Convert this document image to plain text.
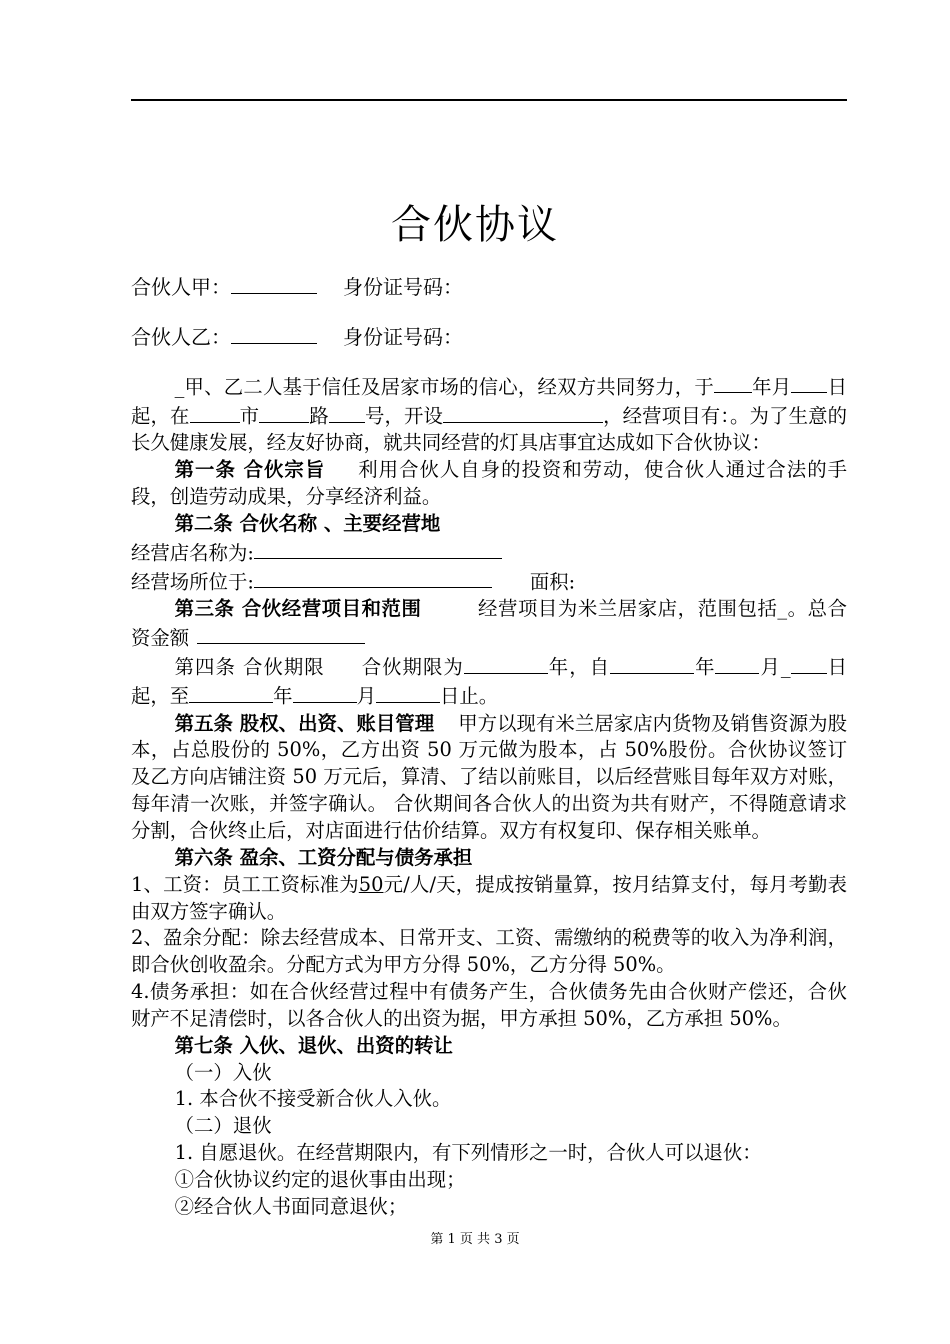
合伙协议
合伙人甲：	身份证号码：
合伙人乙：	身份证号码：

_甲、乙二人基于信任及居家市场的信心，经双方共同努力，于 年月 日起，在	市	路 号，开设	，经营项目有：。为了生意的长久健康发展，经友好协商，就共同经营的灯具店事宜达成如下合伙协议：

第一条 合伙宗旨 利用合伙人自身的投资和劳动，使合伙人通过合法的手段，创造劳动成果，分享经济利益。

第二条 合伙名称 、主要经营地

经营店名称为:

经营场所位于:	面积:

第三条 合伙经营项目和范围	经营项目为米兰居家店，范围包括_。总合资金额

第四条 合伙期限 合伙期限为	年，自	年 月_ 日起，至	年	月	日止。

第五条 股权、出资、账目管理 甲方以现有米兰居家店内货物及销售资源为股本，占总股份的 50%，乙方出资 50 万元做为股本，占 50%股份。合伙协议签订及乙方向店铺注资 50 万元后，算清、了结以前账目，以后经营账目每年双方对账，每年清一次账，并签字确认。 合伙期间各合伙人的出资为共有财产，不得随意请求分割，合伙终止后，对店面进行估价结算。双方有权复印、保存相关账单。

第六条 盈余、工资分配与债务承担

1、工资：员工工资标准为50元/人/天，提成按销量算，按月结算支付，每月考勤表由双方签字确认。

2、盈余分配：除去经营成本、日常开支、工资、需缴纳的税费等的收入为净利润，即合伙创收盈余。分配方式为甲方分得 50%，乙方分得 50%。

4.债务承担：如在合伙经营过程中有债务产生，合伙债务先由合伙财产偿还，合伙财产不足清偿时，以各合伙人的出资为据，甲方承担 50%，乙方承担 50%。

第七条 入伙、退伙、出资的转让

（一）入伙

1. 本合伙不接受新合伙人入伙。

（二）退伙

1. 自愿退伙。在经营期限内，有下列情形之一时，合伙人可以退伙：

①合伙协议约定的退伙事由出现；

②经合伙人书面同意退伙；

第 1 页 共 3 页
